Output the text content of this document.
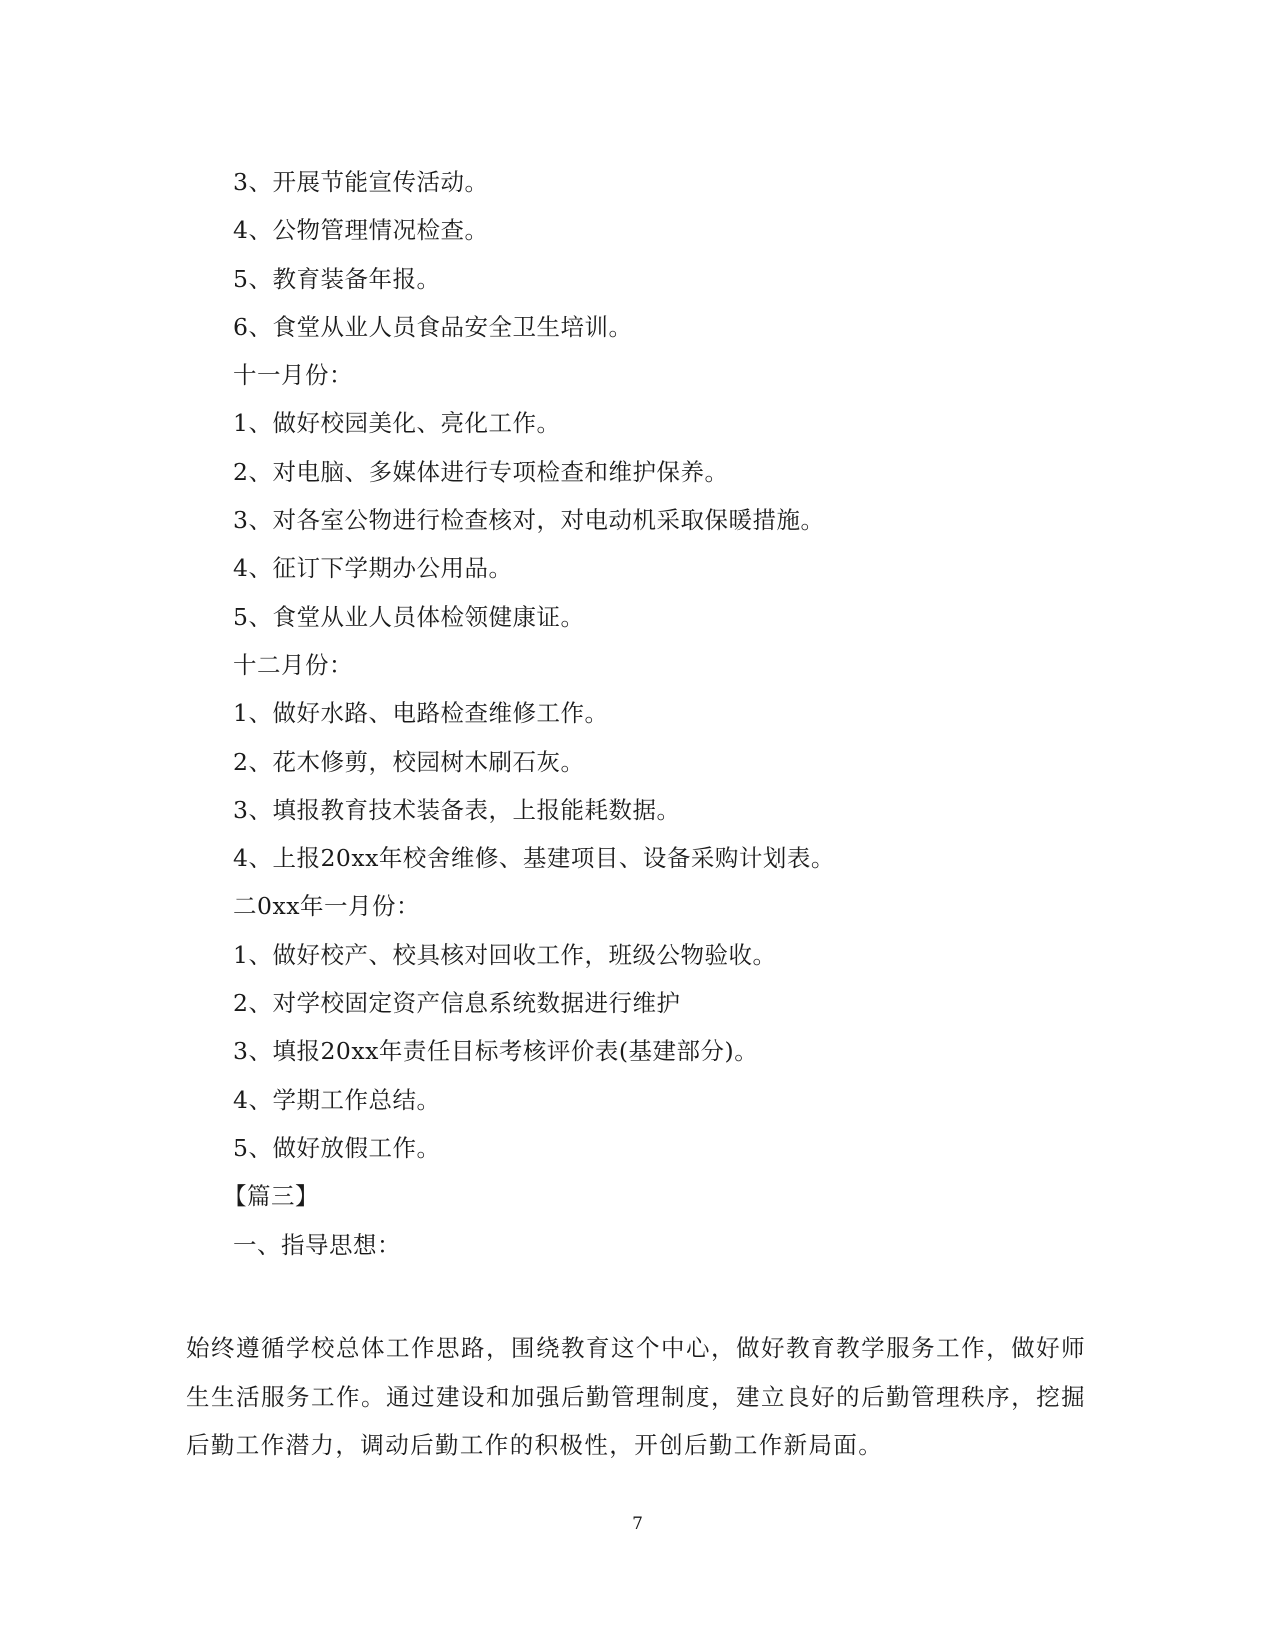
3、开展节能宣传活动。
4、公物管理情况检查。
5、教育装备年报。
6、食堂从业人员食品安全卫生培训。
十一月份：
1、做好校园美化、亮化工作。
2、对电脑、多媒体进行专项检查和维护保养。
3、对各室公物进行检查核对，对电动机采取保暖措施。
4、征订下学期办公用品。
5、食堂从业人员体检领健康证。
十二月份：
1、做好水路、电路检查维修工作。
2、花木修剪，校园树木刷石灰。
3、填报教育技术装备表，上报能耗数据。
4、上报20xx年校舍维修、基建项目、设备采购计划表。
二0xx年一月份：
1、做好校产、校具核对回收工作，班级公物验收。
2、对学校固定资产信息系统数据进行维护
3、填报20xx年责任目标考核评价表(基建部分)。
4、学期工作总结。
5、做好放假工作。
【篇三】
一、指导思想：

始终遵循学校总体工作思路，围绕教育这个中心，做好教育教学服务工作，做好师生生活服务工作。通过建设和加强后勤管理制度，建立良好的后勤管理秩序，挖掘后勤工作潜力，调动后勤工作的积极性，开创后勤工作新局面。

7
